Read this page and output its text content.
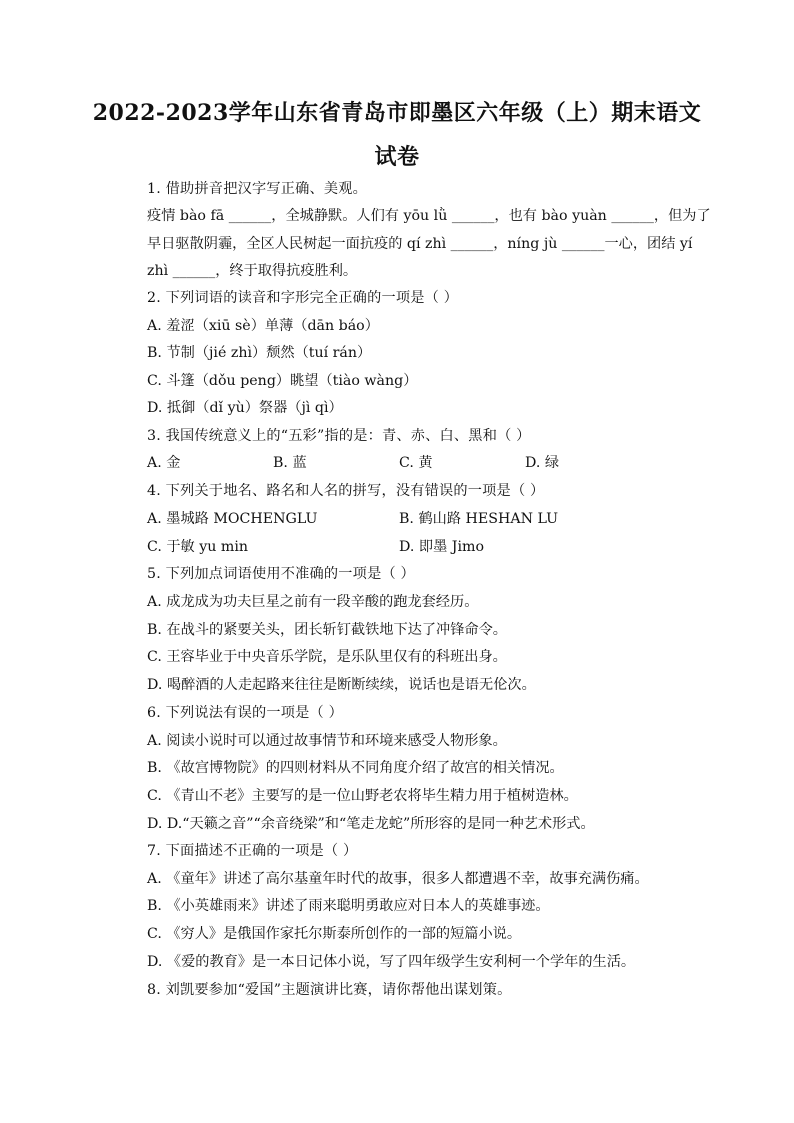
2022-2023学年山东省青岛市即墨区六年级（上）期末语文
试卷
1. 借助拼音把汉字写正确、美观。
疫情 bào fā ______，全城静默。人们有 yōu lǜ ______，也有 bào yuàn ______，但为了
早日驱散阴霾，全区人民树起一面抗疫的 qí zhì ______，níng jù ______一心，团结 yí
zhì ______，终于取得抗疫胜利。
2. 下列词语的读音和字形完全正确的一项是（ ）
A. 羞涩（xiū sè）单薄（dān báo）
B. 节制（jié zhì）颓然（tuí rán）
C. 斗篷（dǒu peng）眺望（tiào wàng）
D. 抵御（dǐ yù）祭器（jì qì）
3. 我国传统意义上的“五彩”指的是：青、赤、白、黑和（ ）
A. 金	B. 蓝	C. 黄	D. 绿
4. 下列关于地名、路名和人名的拼写，没有错误的一项是（ ）
A. 墨城路 MOCHENGLU	B. 鹤山路 HESHAN LU
C. 于敏 yu min	D. 即墨 Jimo
5. 下列加点词语使用不准确的一项是（ ）
A. 成龙成为功夫巨星之前有一段辛酸的跑龙套经历。
B. 在战斗的紧要关头，团长斩钉截铁地下达了冲锋命令。
C. 王容毕业于中央音乐学院，是乐队里仅有的科班出身。
D. 喝醉酒的人走起路来往往是断断续续，说话也是语无伦次。
6. 下列说法有误的一项是（ ）
A. 阅读小说时可以通过故事情节和环境来感受人物形象。
B. 《故宫博物院》的四则材料从不同角度介绍了故宫的相关情况。
C. 《青山不老》主要写的是一位山野老农将毕生精力用于植树造林。
D. D.“天籁之音”“余音绕梁”和“笔走龙蛇”所形容的是同一种艺术形式。
7. 下面描述不正确的一项是（ ）
A. 《童年》讲述了高尔基童年时代的故事，很多人都遭遇不幸，故事充满伤痛。
B. 《小英雄雨来》讲述了雨来聪明勇敢应对日本人的英雄事迹。
C. 《穷人》是俄国作家托尔斯泰所创作的一部的短篇小说。
D. 《爱的教育》是一本日记体小说，写了四年级学生安利柯一个学年的生活。
8. 刘凯要参加“爱国”主题演讲比赛，请你帮他出谋划策。
